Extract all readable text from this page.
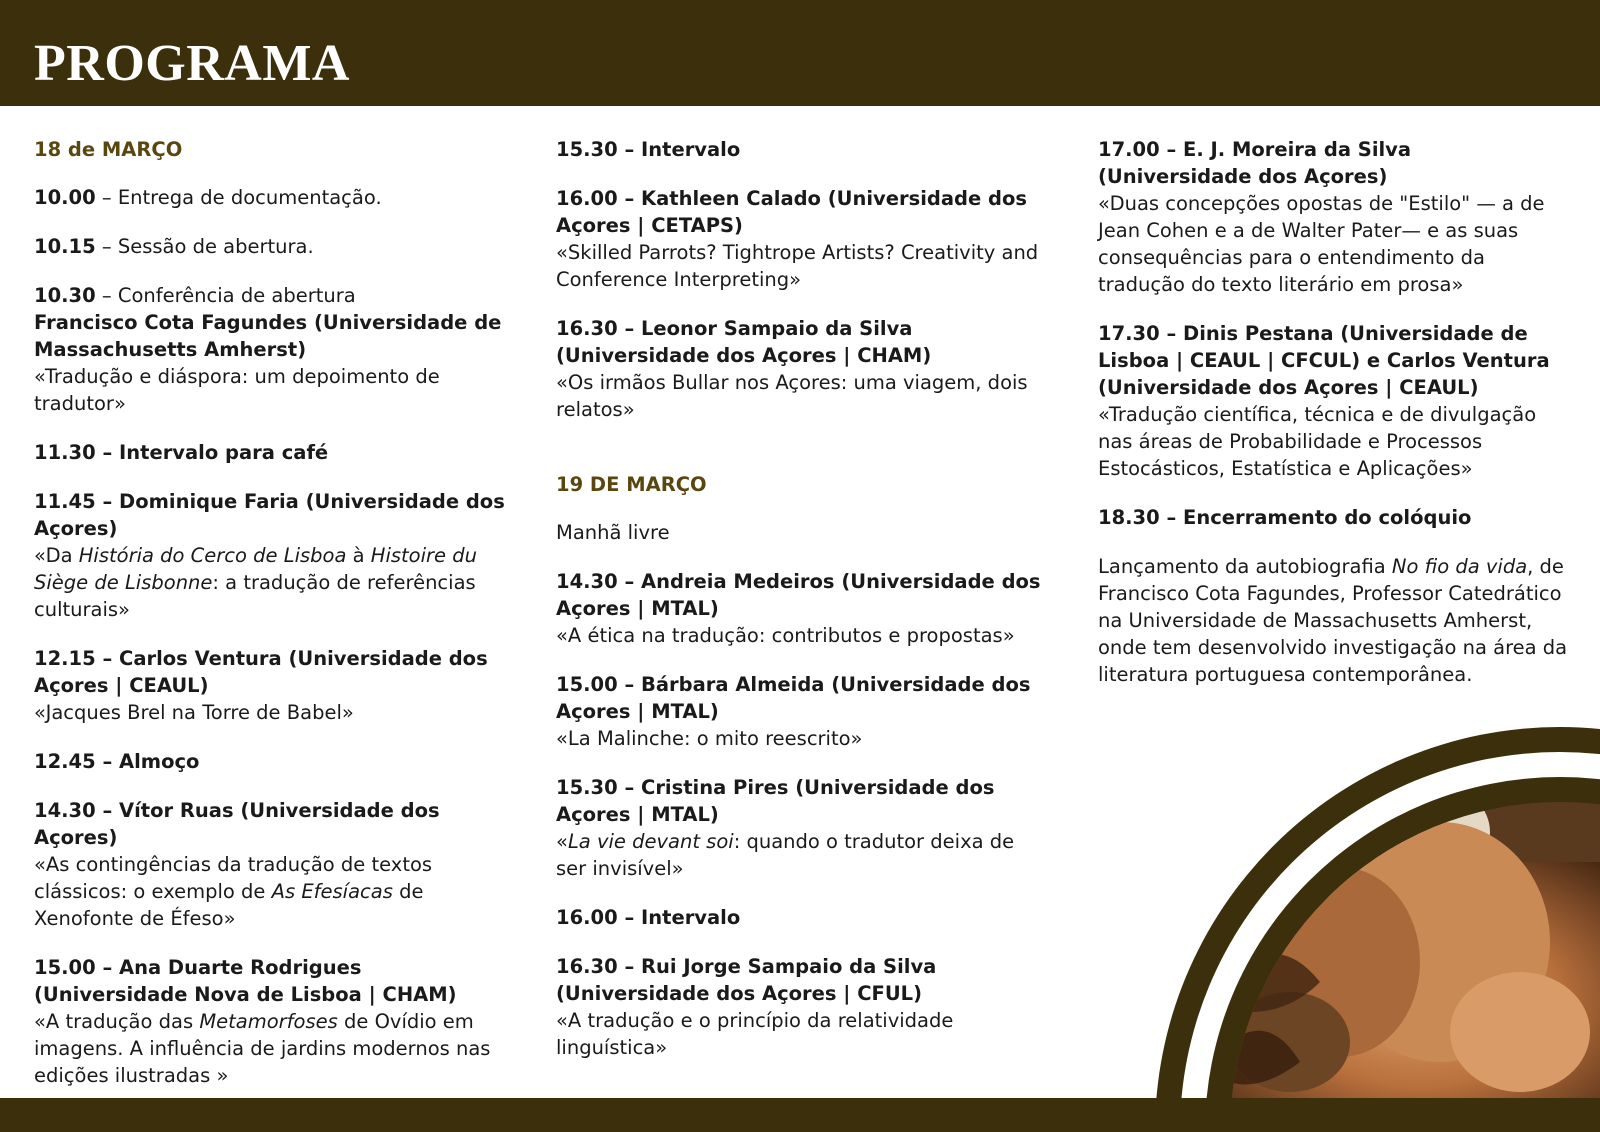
PROGRAMA
18 de MARÇO
10.00 – Entrega de documentação.
10.15 – Sessão de abertura.
10.30 – Conferência de abertura
Francisco Cota Fagundes (Universidade de Massachusetts Amherst)
«Tradução e diáspora: um depoimento de tradutor»
11.30 – Intervalo para café
11.45 – Dominique Faria (Universidade dos Açores)
«Da História do Cerco de Lisboa à Histoire du Siège de Lisbonne: a tradução de referências culturais»
12.15 – Carlos Ventura (Universidade dos Açores | CEAUL)
«Jacques Brel na Torre de Babel»
12.45 – Almoço
14.30 – Vítor Ruas (Universidade dos Açores)
«As contingências da tradução de textos clássicos: o exemplo de As Efesíacas de Xenofonte de Éfeso»
15.00 – Ana Duarte Rodrigues (Universidade Nova de Lisboa | CHAM)
«A tradução das Metamorfoses de Ovídio em imagens. A influência de jardins modernos nas edições ilustradas »
15.30 – Intervalo
16.00 – Kathleen Calado (Universidade dos Açores | CETAPS)
«Skilled Parrots? Tightrope Artists? Creativity and Conference Interpreting»
16.30 – Leonor Sampaio da Silva (Universidade dos Açores | CHAM)
«Os irmãos Bullar nos Açores: uma viagem, dois relatos»
19 DE MARÇO
Manhã livre
14.30 – Andreia Medeiros (Universidade dos Açores | MTAL)
«A ética na tradução: contributos e propostas»
15.00 – Bárbara Almeida (Universidade dos Açores | MTAL)
«La Malinche: o mito reescrito»
15.30 – Cristina Pires (Universidade dos Açores | MTAL)
«La vie devant soi: quando o tradutor deixa de ser invisível»
16.00 – Intervalo
16.30 – Rui Jorge Sampaio da Silva (Universidade dos Açores | CFUL)
«A tradução e o princípio da relatividade linguística»
17.00 – E. J. Moreira da Silva (Universidade dos Açores)
«Duas concepções opostas de "Estilo" — a de Jean Cohen e a de Walter Pater— e as suas consequências para o entendimento da tradução do texto literário em prosa»
17.30 – Dinis Pestana (Universidade de Lisboa | CEAUL | CFCUL) e Carlos Ventura (Universidade dos Açores | CEAUL)
«Tradução científica, técnica e de divulgação nas áreas de Probabilidade e Processos Estocásticos, Estatística e Aplicações»
18.30 – Encerramento do colóquio
Lançamento da autobiografia No fio da vida, de Francisco Cota Fagundes, Professor Catedrático na Universidade de Massachusetts Amherst, onde tem desenvolvido investigação na área da literatura portuguesa contemporânea.
